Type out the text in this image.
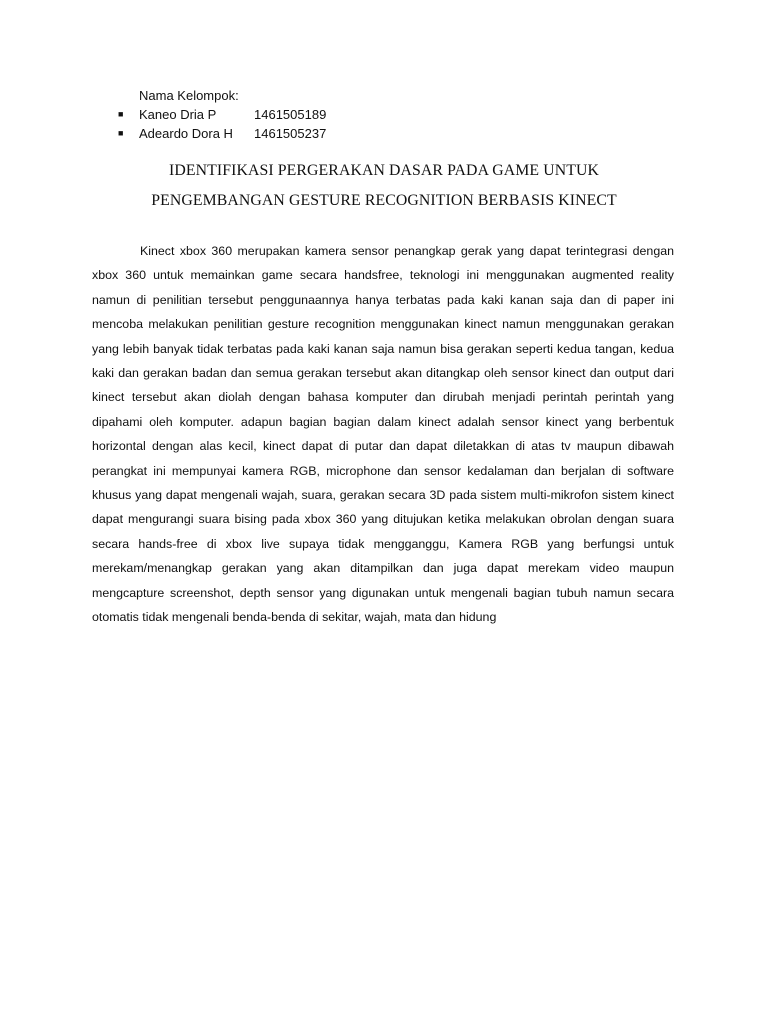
Nama Kelompok:
■	Kaneo Dria P	1461505189
■	Adeardo Dora H	1461505237
IDENTIFIKASI PERGERAKAN DASAR PADA GAME UNTUK
PENGEMBANGAN GESTURE RECOGNITION BERBASIS KINECT

Kinect xbox 360 merupakan kamera sensor penangkap gerak yang dapat terintegrasi dengan xbox 360 untuk memainkan game secara handsfree, teknologi ini menggunakan augmented reality namun di penilitian tersebut penggunaannya hanya terbatas pada kaki kanan saja dan di paper ini mencoba melakukan penilitian gesture recognition menggunakan kinect namun menggunakan gerakan yang lebih banyak tidak terbatas pada kaki kanan saja namun bisa gerakan seperti kedua tangan, kedua kaki dan gerakan badan dan semua gerakan tersebut akan ditangkap oleh sensor kinect dan output dari kinect tersebut akan diolah dengan bahasa komputer dan dirubah menjadi perintah perintah yang dipahami oleh komputer. adapun bagian bagian dalam kinect adalah sensor kinect yang berbentuk horizontal dengan alas kecil, kinect dapat di putar dan dapat diletakkan di atas tv maupun dibawah perangkat ini mempunyai kamera RGB, microphone dan sensor kedalaman dan berjalan di software khusus yang dapat mengenali wajah, suara, gerakan secara 3D pada sistem multi-mikrofon sistem kinect dapat mengurangi suara bising pada xbox 360 yang ditujukan ketika melakukan obrolan dengan suara secara hands-free di xbox live supaya tidak mengganggu, Kamera RGB yang berfungsi untuk merekam/menangkap gerakan yang akan ditampilkan dan juga dapat merekam video maupun mengcapture screenshot, depth sensor yang digunakan untuk mengenali bagian tubuh namun secara otomatis tidak mengenali benda-benda di sekitar, wajah, mata dan hidung
